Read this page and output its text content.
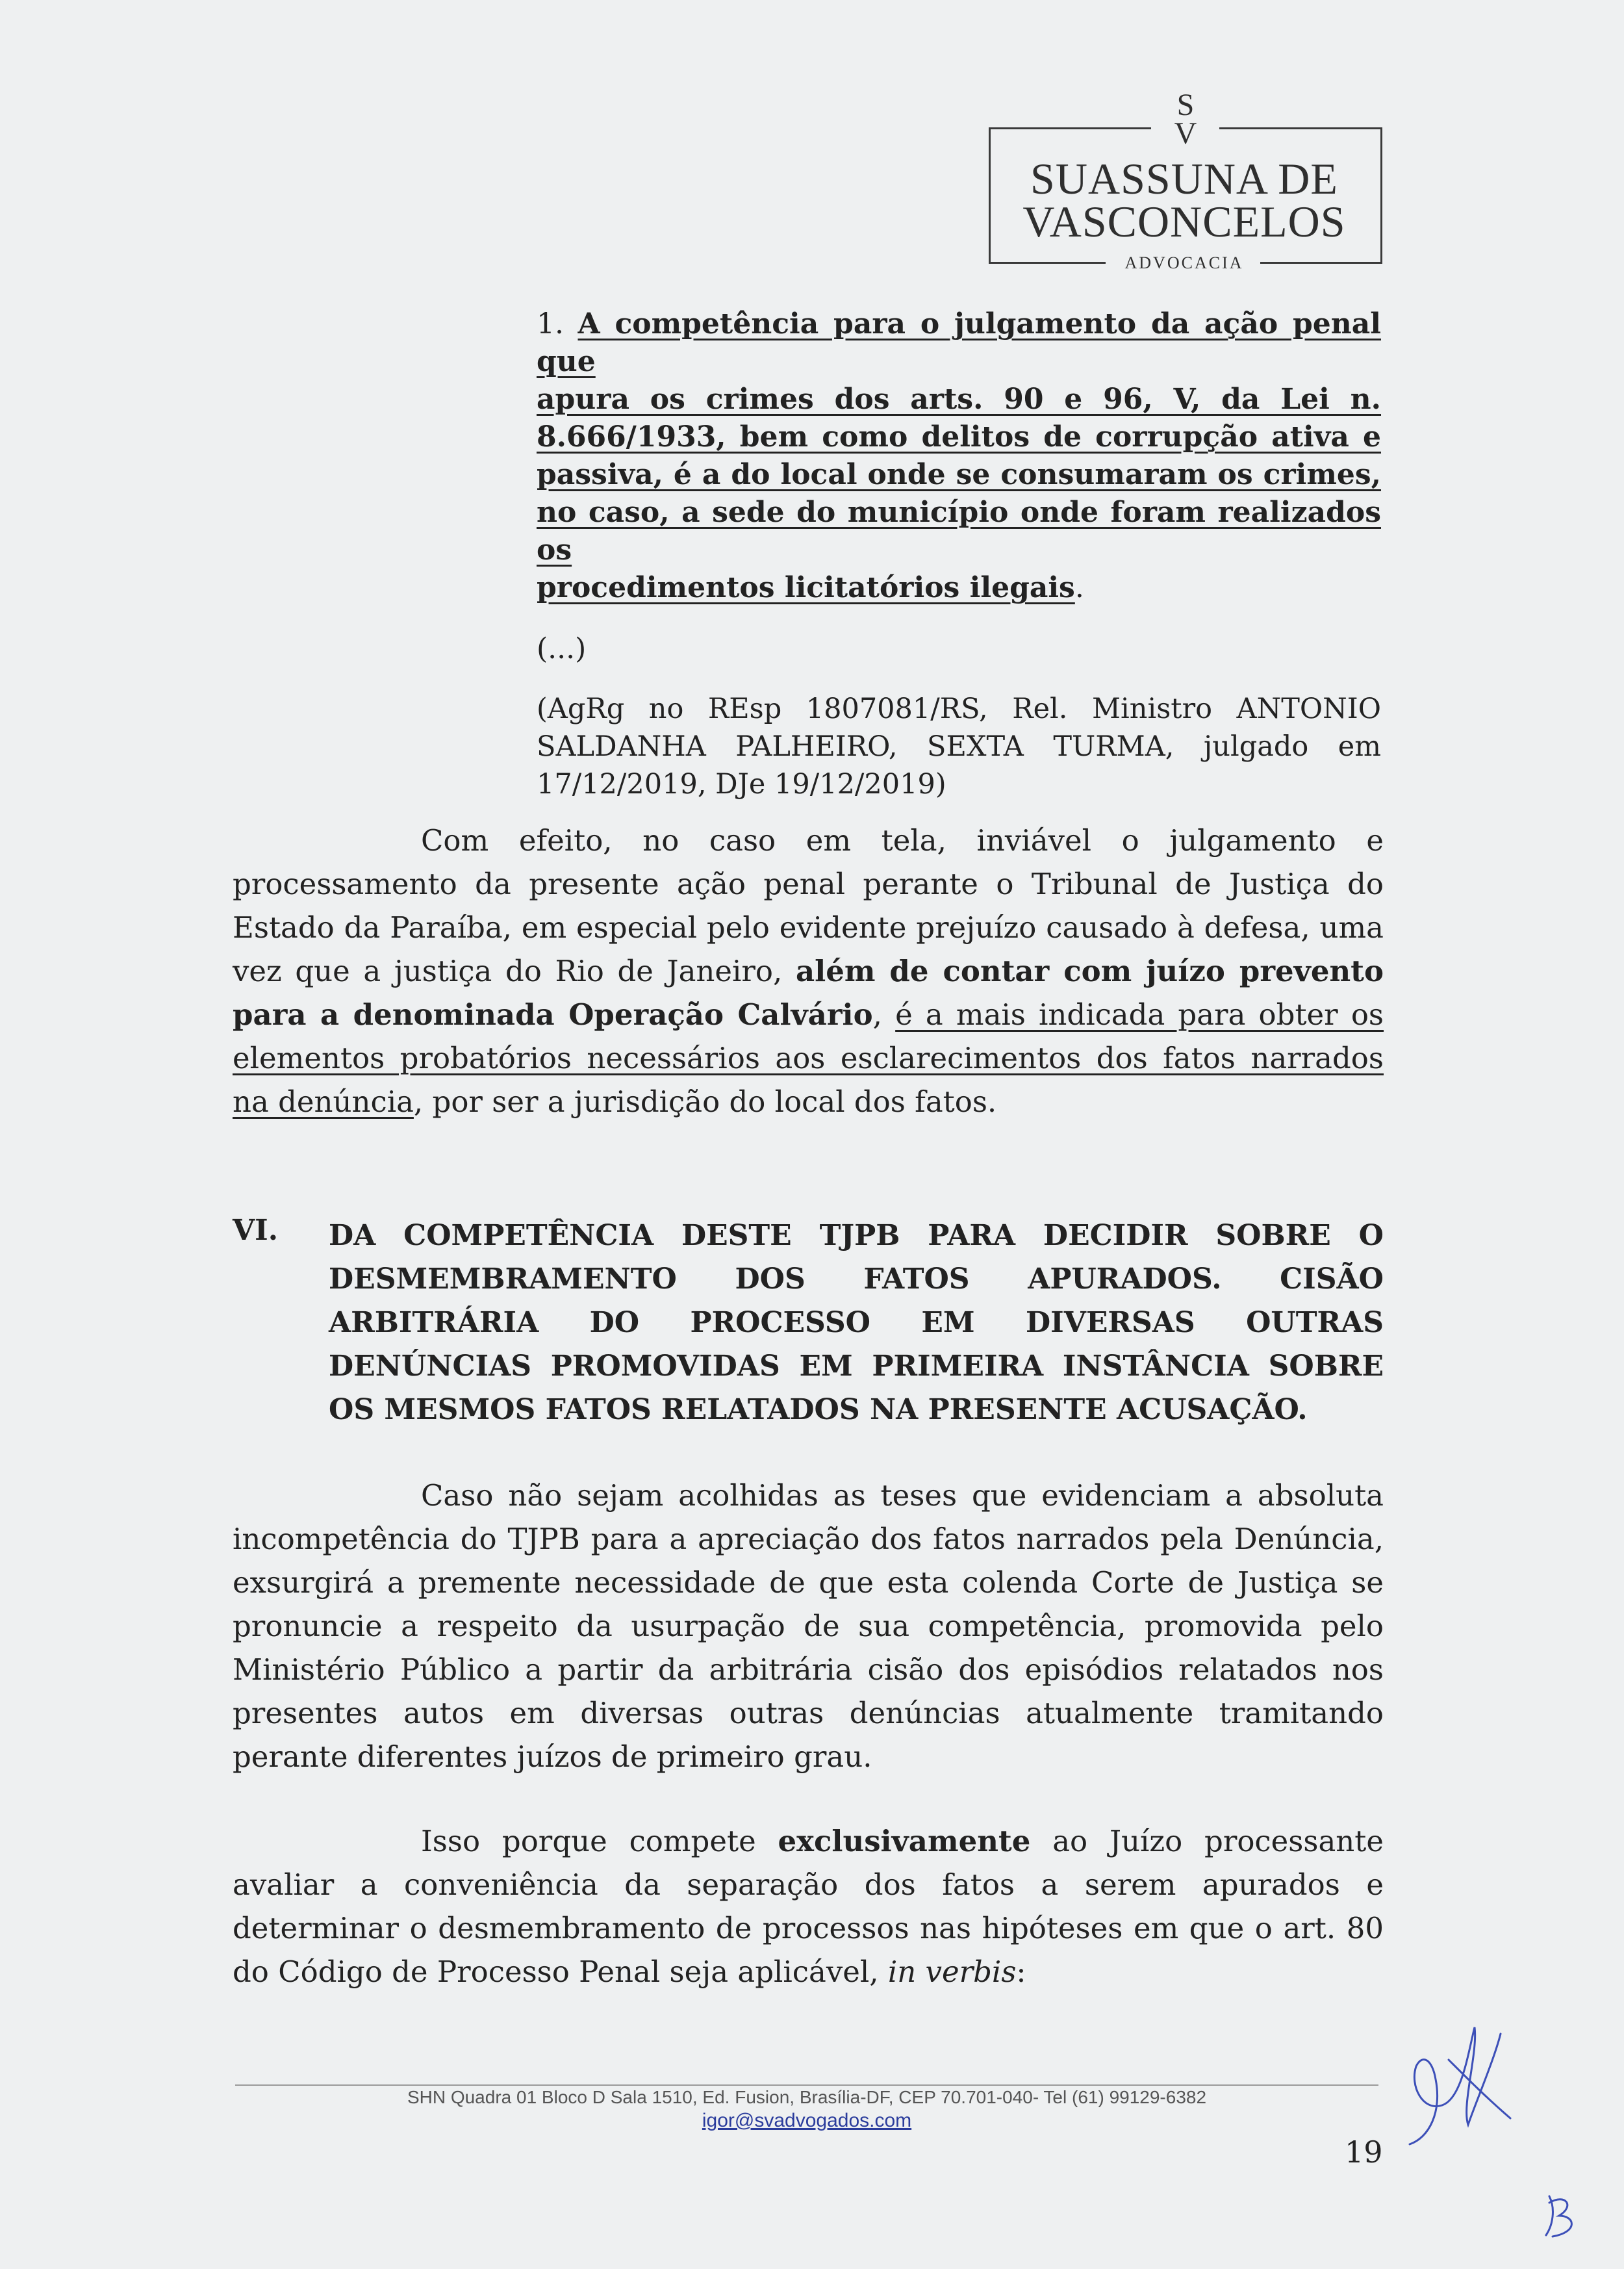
S
V
SUASSUNA DE
VASCONCELOS
ADVOCACIA
1. A competência para o julgamento da ação penal que
apura os crimes dos arts. 90 e 96, V, da Lei n.
8.666/1933, bem como delitos de corrupção ativa e
passiva, é a do local onde se consumaram os crimes,
no caso, a sede do município onde foram realizados os
procedimentos licitatórios ilegais.
(...)
(AgRg no REsp 1807081/RS, Rel. Ministro ANTONIO SALDANHA PALHEIRO, SEXTA TURMA, julgado em 17/12/2019, DJe 19/12/2019)

Com efeito, no caso em tela, inviável o julgamento e processamento da presente ação penal perante o Tribunal de Justiça do Estado da Paraíba, em especial pelo evidente prejuízo causado à defesa, uma vez que a justiça do Rio de Janeiro, além de contar com juízo prevento para a denominada Operação Calvário, é a mais indicada para obter os elementos probatórios necessários aos esclarecimentos dos fatos narrados na denúncia, por ser a jurisdição do local dos fatos.

VI. DA COMPETÊNCIA DESTE TJPB PARA DECIDIR SOBRE O DESMEMBRAMENTO DOS FATOS APURADOS. CISÃO ARBITRÁRIA DO PROCESSO EM DIVERSAS OUTRAS DENÚNCIAS PROMOVIDAS EM PRIMEIRA INSTÂNCIA SOBRE OS MESMOS FATOS RELATADOS NA PRESENTE ACUSAÇÃO.

Caso não sejam acolhidas as teses que evidenciam a absoluta incompetência do TJPB para a apreciação dos fatos narrados pela Denúncia, exsurgirá a premente necessidade de que esta colenda Corte de Justiça se pronuncie a respeito da usurpação de sua competência, promovida pelo Ministério Público a partir da arbitrária cisão dos episódios relatados nos presentes autos em diversas outras denúncias atualmente tramitando perante diferentes juízos de primeiro grau.

Isso porque compete exclusivamente ao Juízo processante avaliar a conveniência da separação dos fatos a serem apurados e determinar o desmembramento de processos nas hipóteses em que o art. 80 do Código de Processo Penal seja aplicável, in verbis:

SHN Quadra 01 Bloco D Sala 1510, Ed. Fusion, Brasília-DF, CEP 70.701-040- Tel (61) 99129-6382
igor@svadvogados.com
19
